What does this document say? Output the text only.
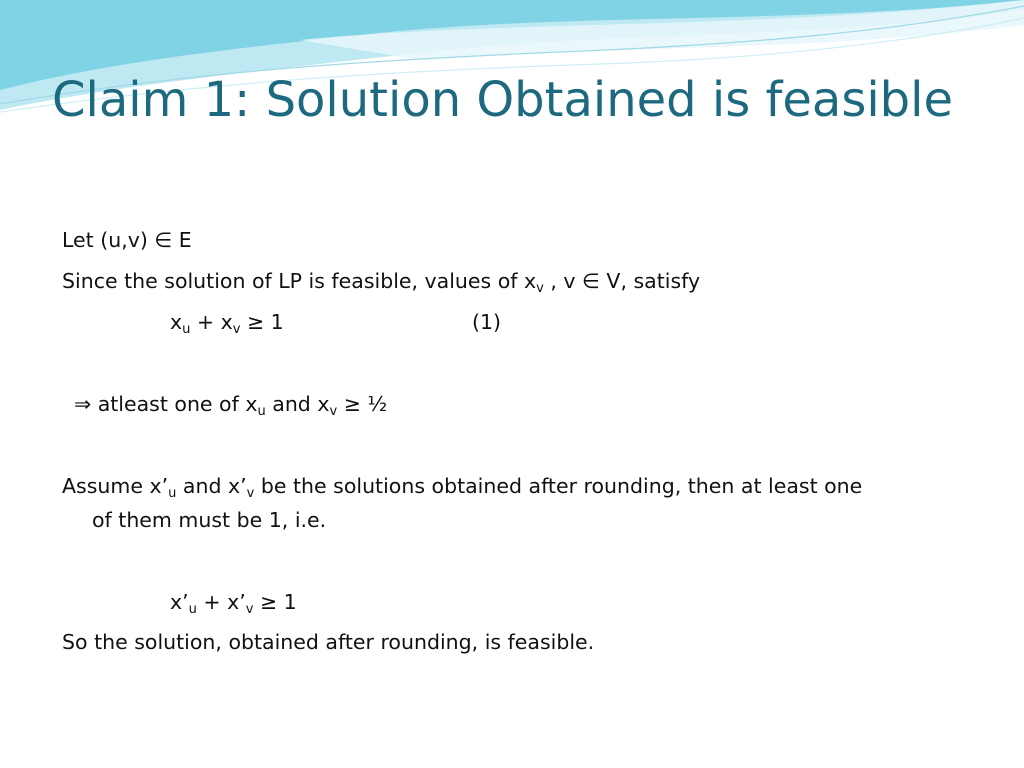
Claim 1: Solution Obtained is feasible
Let (u,v) ∈ E
Since the solution of LP is feasible, values of $x_v$ , v ∈ V, satisfy
$x_u + x_v \ge 1$	(1)
⇒ atleast one of $x_u$ and $x_v$ ≥ ½
Assume $x’_u$ and $x’_v$ be the solutions obtained after rounding, then at least one
of them must be 1, i.e.
$x’_u$ + $x’_v \ge 1$
So the solution, obtained after rounding, is feasible.
